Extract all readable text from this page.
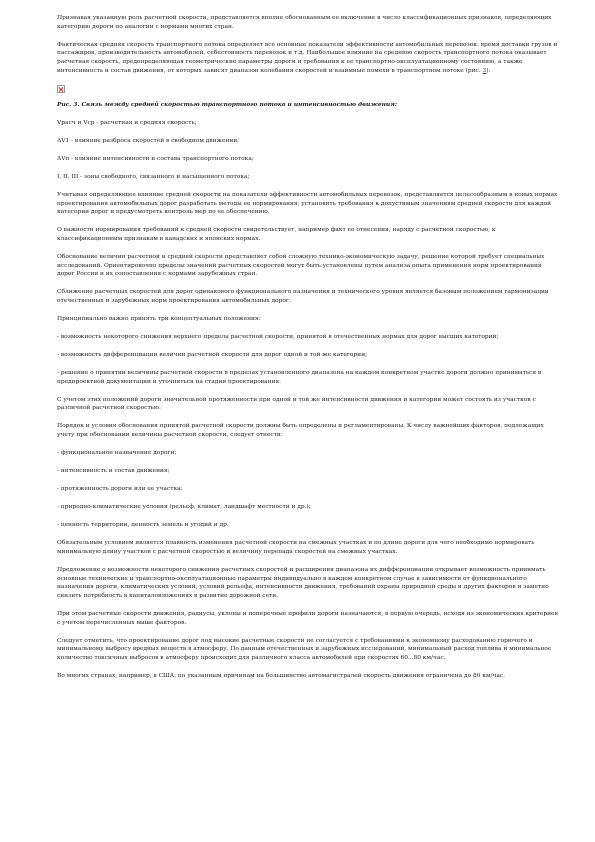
Признавая указанную роль расчетной скорости, представляется вполне обоснованным ее включение в число классификационных признаков, определяющих категорию дороги по аналогии с нормами многих стран.

Фактическая средняя скорость транспортного потока определяет все основные показатели эффективности автомобильных перевозок: время доставки грузов и пассажиров, производительность автомобилей, себестоимость перевозок и т.д. Наибольшее влияние на среднюю скорость транспортного потока оказывает расчетная скорость, предопределяющая геометрические параметры дороги и требования к ее транспортно-эксплуатационному состоянию, а также интенсивность и состав движения, от которых зависят диапазон колебания скоростей и взаимные помехи в транспортном потоке (рис. 3).

Рис. 3. Связь между средней скоростью транспортного потока и интенсивностью движения:

Vрасч и Vср - расчетная и средняя скорость;

ΔV1 - влияние разброса скоростей в свободном движении;

ΔVn - влияние интенсивности и состава транспортного потока;

I, II, III - зоны свободного, связанного и насыщенного потока;

Учитывая определяющее влияние средней скорости на показатели эффективности автомобильных перевозок, представляется целесообразным в новых нормах проектирования автомобильных дорог разработать методы ее нормирования, установить требования к допустимым значениям средней скорости для каждой категории дорог и предусмотреть контроль мер по ее обеспечению.

О важности нормирования требований к средней скорости свидетельствует, например факт ее отнесения, наряду с расчетной скоростью, к классификационным признакам в канадских и японских нормах.

Обоснование величин расчетной и средней скорости представляет собой сложную технико-экономическую задачу, решение которой требует специальных исследований. Ориентировочно пределы значений расчетных скоростей могут быть установлены путем анализа опыта применения норм проектирования дорог России и их сопоставления с нормами зарубежных стран.

Сближение расчетных скоростей для дорог одинакового функционального назначения и технического уровня является базовым положением гармонизации отечественных и зарубежных норм проектирования автомобильных дорог.

Принципиально важно принять три концептуальных положения:

- возможность некоторого снижения верхнего предела расчетной скорости, принятой в отечественных нормах для дорог высших категорий;

- возможность дифференциации величин расчетной скорости для дорог одной и той же категории;

- решение о принятии величины расчетной скорости в пределах установленного диапазона на каждом конкретном участке дороги должно приниматься в предпроектной документации и уточняться на стадии проектирования.

С учетом этих положений дороги значительной протяженности при одной и той же интенсивности движения и категории может состоять из участков с различной расчетной скоростью.

Порядок и условия обоснования принятой расчетной скорости должны быть определены и регламентированы. К числу важнейших факторов, подлежащих учету при обосновании величины расчетной скорости, следует отнести:

- функциональное назначение дороги;

- интенсивность и состав движения;

- протяженность дороги или ее участка;

- природно-климатические условия (рельеф, климат, ландшафт местности и др.);

- ценность территории, ценность земель и угодий и др.

Обязательным условием является плавность изменения расчетной скорости на смежных участках и по длине дороги для чего необходимо нормировать минимальную длину участков с расчетной скоростью и величину перепада скоростей на смежных участках.

Предложение о возможности некоторого снижения расчетных скоростей и расширения диапазона их дифференциации открывает возможность принимать основные технические и транспортно-эксплуатационные параметры индивидуально в каждом конкретном случае в зависимости от функционального назначения дороги, климатических условий, условий рельефа, интенсивности движения, требований охраны природной среды и других факторов и заметно снизить потребность в капиталовложениях в развитие дорожной сети.

При этом расчетные скорости движения, радиусы, уклоны и поперечные профили дороги назначаются, в первую очередь, исходя из экономических критериев с учетом перечисленных выше факторов.

Следует отметить, что проектирование дорог под высокие расчетные скорости не согласуется с требованиями к экономному расходованию горючего и минимальному выбросу вредных веществ в атмосферу. По данным отечественных и зарубежных исследований, минимальный расход топлива и минимальное количество токсичных выбросов в атмосферу происходит для различного класса автомобилей при скоростях 60...80 км/час.

Во многих странах, например, в США, по указанным причинам на большинстве автомагистралей скорость движения ограничена до 80 км/час.
